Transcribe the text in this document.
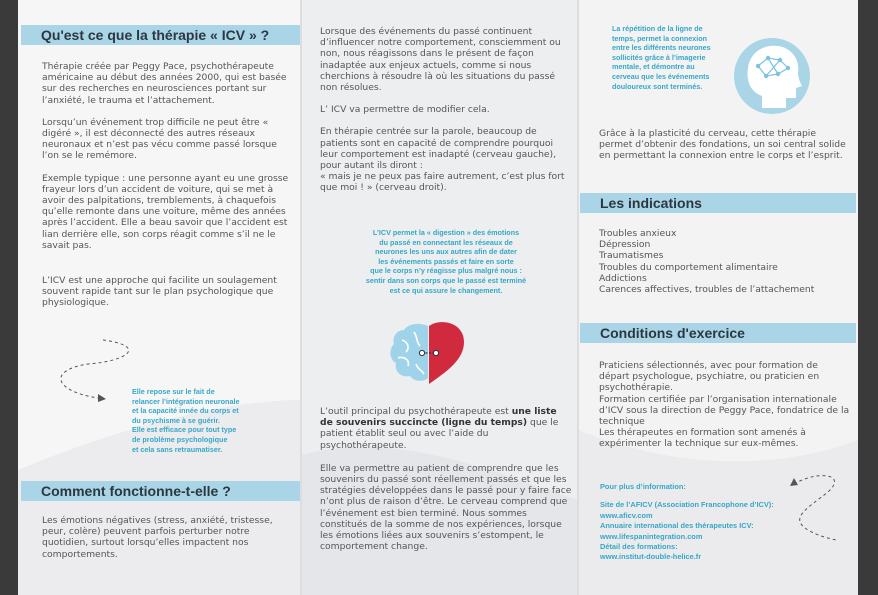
Qu'est ce que la thérapie « ICV » ?

Thérapie créée par Peggy Pace, psychothérapeute américaine au début des années 2000, qui est basée sur des recherches en neurosciences portant sur l’anxiété, le trauma et l’attachement.

Lorsqu’un événement trop difficile ne peut être « digéré », il est déconnecté des autres réseaux neuronaux et n’est pas vécu comme passé lorsque l’on se le remémore.

Exemple typique : une personne ayant eu une grosse frayeur lors d’un accident de voiture, qui se met à avoir des palpitations, tremblements, à chaquefois qu’elle remonte dans une voiture, même des années après l’accident. Elle a beau savoir que l’accident est lian derrière elle, son corps réagit comme s’il ne le savait pas.

L’ICV est une approche qui facilite un soulagement souvent rapide tant sur le plan psychologique que physiologique.

Elle repose sur le fait de
relancer l’intégration neuronale
et la capacité innée du corps et
du psychisme à se guérir.
Elle est efficace pour tout type
de problème psychologique
et cela sans retraumatiser.
Comment fonctionne-t-elle ?
Les émotions négatives (stress, anxiété, tristesse, peur, colère) peuvent parfois perturber notre quotidien, surtout lorsqu’elles impactent nos comportements.

Lorsque des événements du passé continuent d’influencer notre comportement, consciemment ou non, nous réagissons dans le présent de façon inadaptée aux enjeux actuels, comme si nous cherchions à résoudre là où les situations du passé non résolues.

L’ ICV va permettre de modifier cela.

En thérapie centrée sur la parole, beaucoup de patients sont en capacité de comprendre pourquoi leur comportement est inadapté (cerveau gauche), pour autant ils diront :

« mais je ne peux pas faire autrement, c’est plus fort que moi ! » (cerveau droit).

L’ICV permet la « digestion » des émotions
du passé en connectant les réseaux de
neurones les uns aux autres afin de dater
les événements passés et faire en sorte
que le corps n’y réagisse plus malgré nous :
sentir dans son corps que le passé est terminé
est ce qui assure le changement.

L’outil principal du psychothérapeute est une liste de souvenirs succincte (ligne du temps) que le patient établit seul ou avec l’aide du psychothérapeute.

Elle va permettre au patient de comprendre que les souvenirs du passé sont réellement passés et que les stratégies développées dans le passé pour y faire face n’ont plus de raison d’être. Le cerveau comprend que l’événement est bien terminé. Nous sommes constitués de la somme de nos expériences, lorsque les émotions liées aux souvenirs s’estompent, le comportement change.

La répétition de la ligne de
temps, permet la connexion
entre les différents neurones
sollicités grâce à l’imagerie
mentale, et démontre au
cerveau que les événements
douloureux sont terminés.
Grâce à la plasticité du cerveau, cette thérapie permet d’obtenir des fondations, un soi central solide en permettant la connexion entre le corps et l’esprit.
Les indications

Troubles anxieux

Dépression

Traumatismes

Troubles du comportement alimentaire

Addictions

Carences affectives, troubles de l’attachement

Conditions d'exercice

Praticiens sélectionnés, avec pour formation de départ psychologue, psychiatre, ou praticien en psychothérapie.

Formation certifiée par l’organisation internationale d’ICV sous la direction de Peggy Pace, fondatrice de la technique

Les thérapeutes en formation sont amenés à expérimenter la technique sur eux-mêmes.

Pour plus d’information:

Site de l’AFICV (Association Francophone d’ICV):

www.aficv.com

Annuaire international des thérapeutes ICV:

www.lifespanintegration.com

Détail des formations:

www.institut-double-helice.fr
